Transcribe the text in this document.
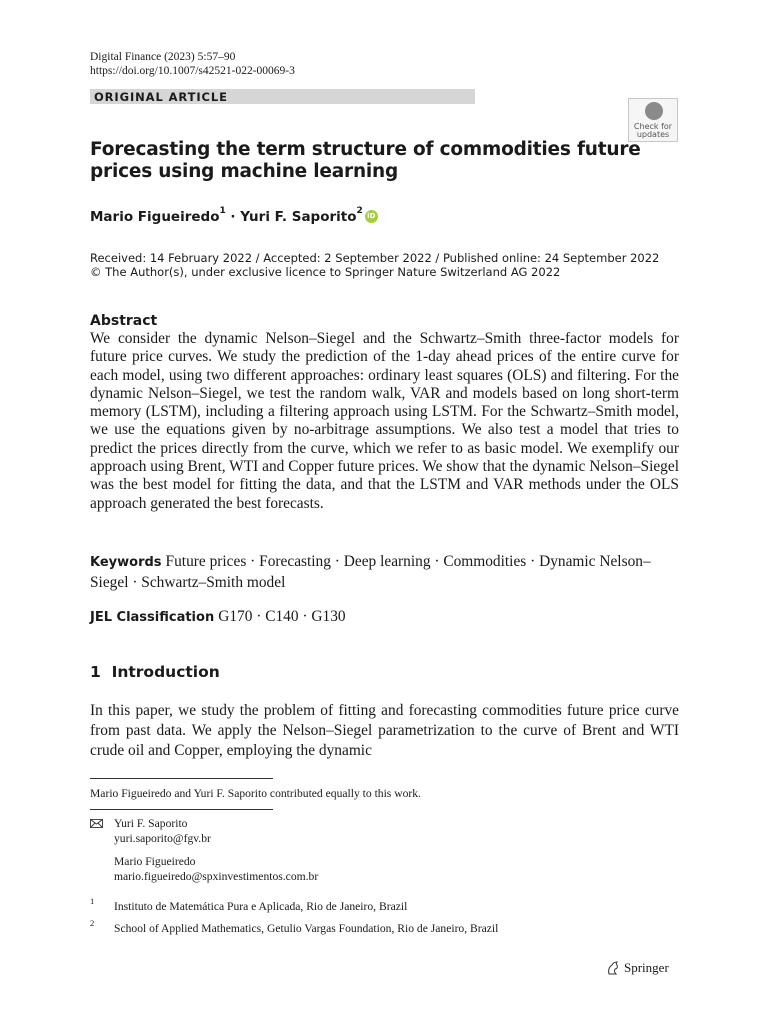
Digital Finance (2023) 5:57–90
https://doi.org/10.1007/s42521-022-00069-3
ORIGINAL ARTICLE
Check for
updates
Forecasting the term structure of commodities future
prices using machine learning
Mario Figueiredo$^1$ · Yuri F. Saporito$^2$ iD
Received: 14 February 2022 / Accepted: 2 September 2022 / Published online: 24 September 2022
© The Author(s), under exclusive licence to Springer Nature Switzerland AG 2022
Abstract
We consider the dynamic Nelson–Siegel and the Schwartz–Smith three-factor models for future price curves. We study the prediction of the 1-day ahead prices of the entire curve for each model, using two different approaches: ordinary least squares (OLS) and filtering. For the dynamic Nelson–Siegel, we test the random walk, VAR and models based on long short-term memory (LSTM), including a filtering approach using LSTM. For the Schwartz–Smith model, we use the equations given by no-arbitrage assumptions. We also test a model that tries to predict the prices directly from the curve, which we refer to as basic model. We exemplify our approach using Brent, WTI and Copper future prices. We show that the dynamic Nelson–Siegel was the best model for fitting the data, and that the LSTM and VAR methods under the OLS approach generated the best forecasts.
Keywords Future prices · Forecasting · Deep learning · Commodities · Dynamic Nelson–Siegel · Schwartz–Smith model
JEL Classification G170 · C140 · G130
1  Introduction
In this paper, we study the problem of fitting and forecasting commodities future price curve from past data. We apply the Nelson–Siegel parametrization to the curve of Brent and WTI crude oil and Copper, employing the dynamic
Mario Figueiredo and Yuri F. Saporito contributed equally to this work.
Yuri F. Saporito
yuri.saporito@fgv.br
Mario Figueiredo
mario.figueiredo@spxinvestimentos.com.br
1 Instituto de Matemática Pura e Aplicada, Rio de Janeiro, Brazil
2 School of Applied Mathematics, Getulio Vargas Foundation, Rio de Janeiro, Brazil
Springer
